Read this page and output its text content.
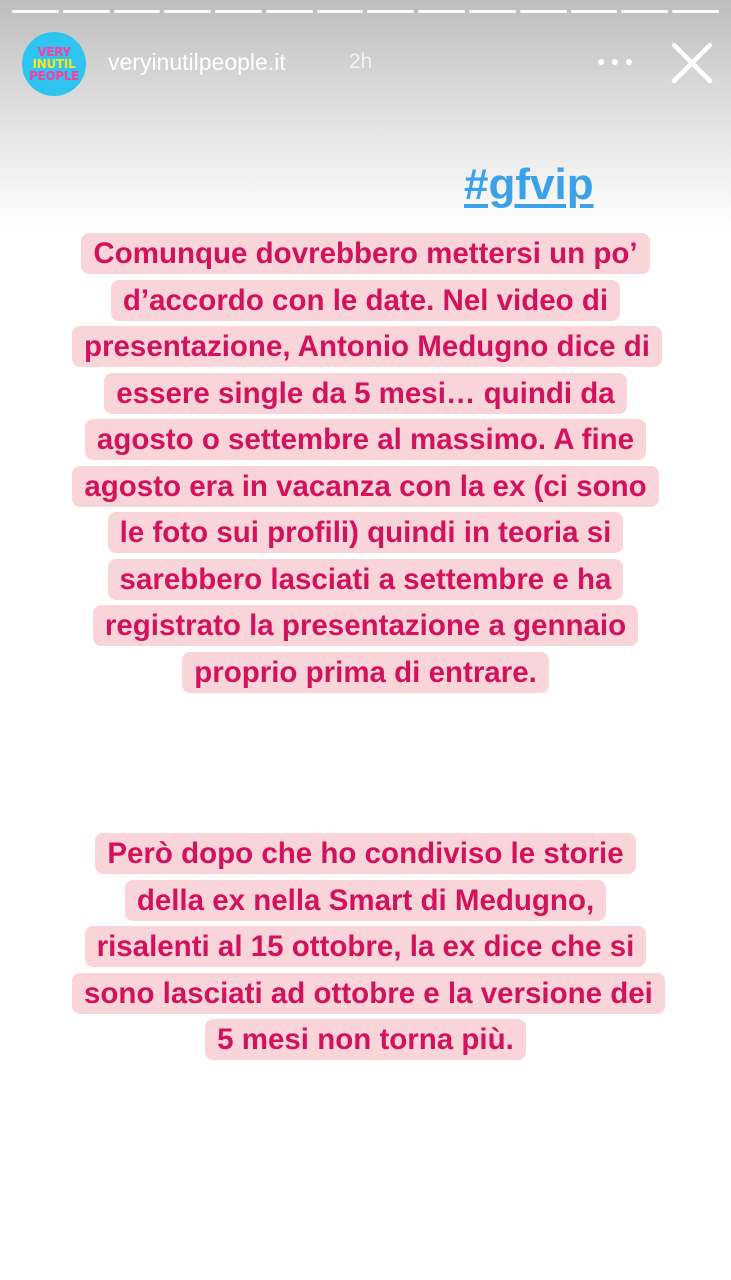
VERY
INUTIL
PEOPLE
veryinutilpeople.it	2h
#gfvip
Comunque dovrebbero mettersi un po’ d’accordo con le date. Nel video di presentazione, Antonio Medugno dice di essere single da 5 mesi… quindi da agosto o settembre al massimo. A fine agosto era in vacanza con la ex (ci sono le foto sui profili) quindi in teoria si sarebbero lasciati a settembre e ha registrato la presentazione a gennaio proprio prima di entrare.
Però dopo che ho condiviso le storie della ex nella Smart di Medugno, risalenti al 15 ottobre, la ex dice che si sono lasciati ad ottobre e la versione dei 5 mesi non torna più.
